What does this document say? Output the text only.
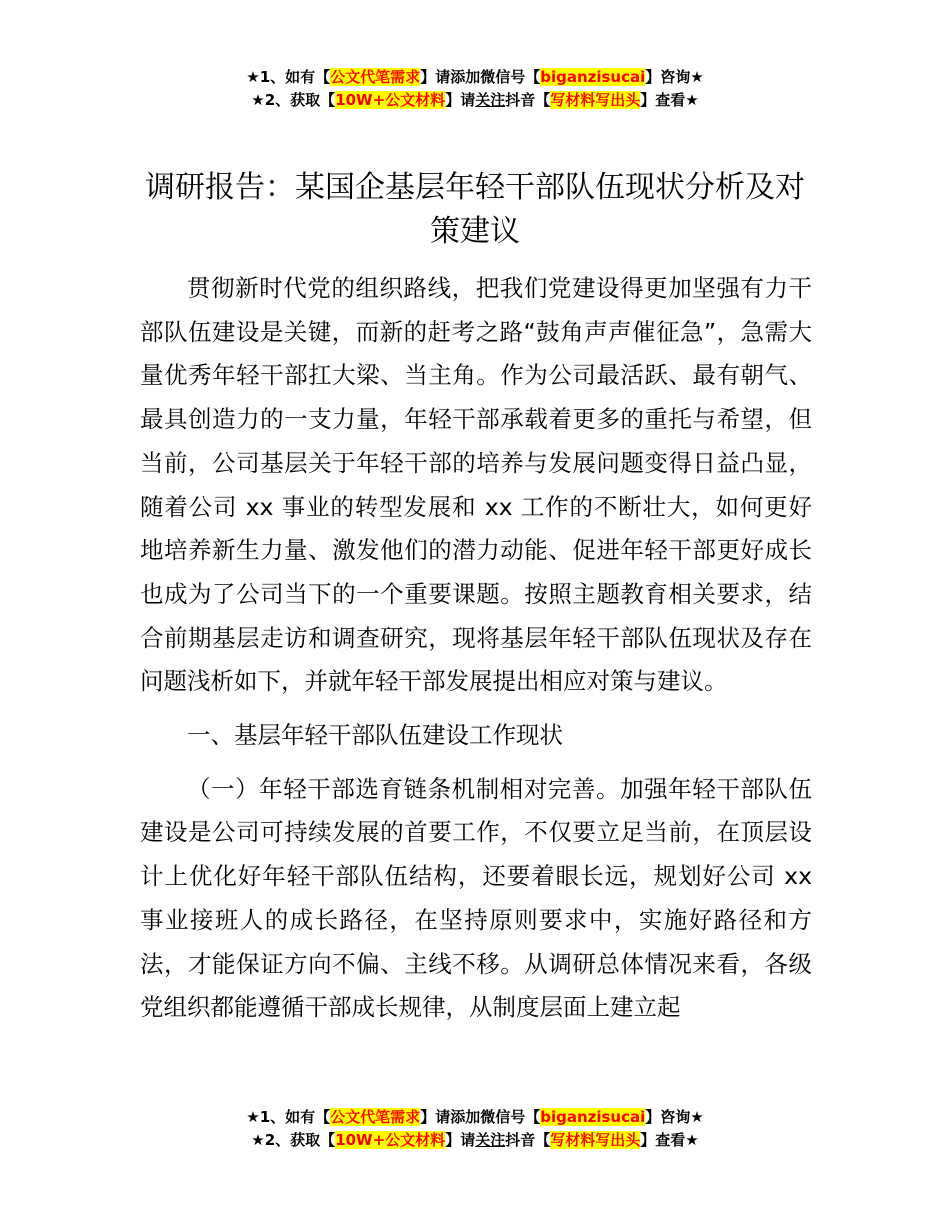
★1、如有【公文代笔需求】请添加微信号【biganzisucai】咨询★
★2、获取【10W+公文材料】请关注抖音【写材料写出头】查看★
调研报告：某国企基层年轻干部队伍现状分析及对策建议

贯彻新时代党的组织路线，把我们党建设得更加坚强有力干部队伍建设是关键，而新的赶考之路“鼓角声声催征急”，急需大量优秀年轻干部扛大梁、当主角。作为公司最活跃、最有朝气、最具创造力的一支力量，年轻干部承载着更多的重托与希望，但当前，公司基层关于年轻干部的培养与发展问题变得日益凸显，随着公司 xx 事业的转型发展和 xx 工作的不断壮大，如何更好地培养新生力量、激发他们的潜力动能、促进年轻干部更好成长也成为了公司当下的一个重要课题。按照主题教育相关要求，结合前期基层走访和调查研究，现将基层年轻干部队伍现状及存在问题浅析如下，并就年轻干部发展提出相应对策与建议。

一、基层年轻干部队伍建设工作现状

（一）年轻干部选育链条机制相对完善。加强年轻干部队伍建设是公司可持续发展的首要工作，不仅要立足当前，在顶层设计上优化好年轻干部队伍结构，还要着眼长远，规划好公司 xx 事业接班人的成长路径，在坚持原则要求中，实施好路径和方法，才能保证方向不偏、主线不移。从调研总体情况来看，各级党组织都能遵循干部成长规律，从制度层面上建立起

★1、如有【公文代笔需求】请添加微信号【biganzisucai】咨询★
★2、获取【10W+公文材料】请关注抖音【写材料写出头】查看★
